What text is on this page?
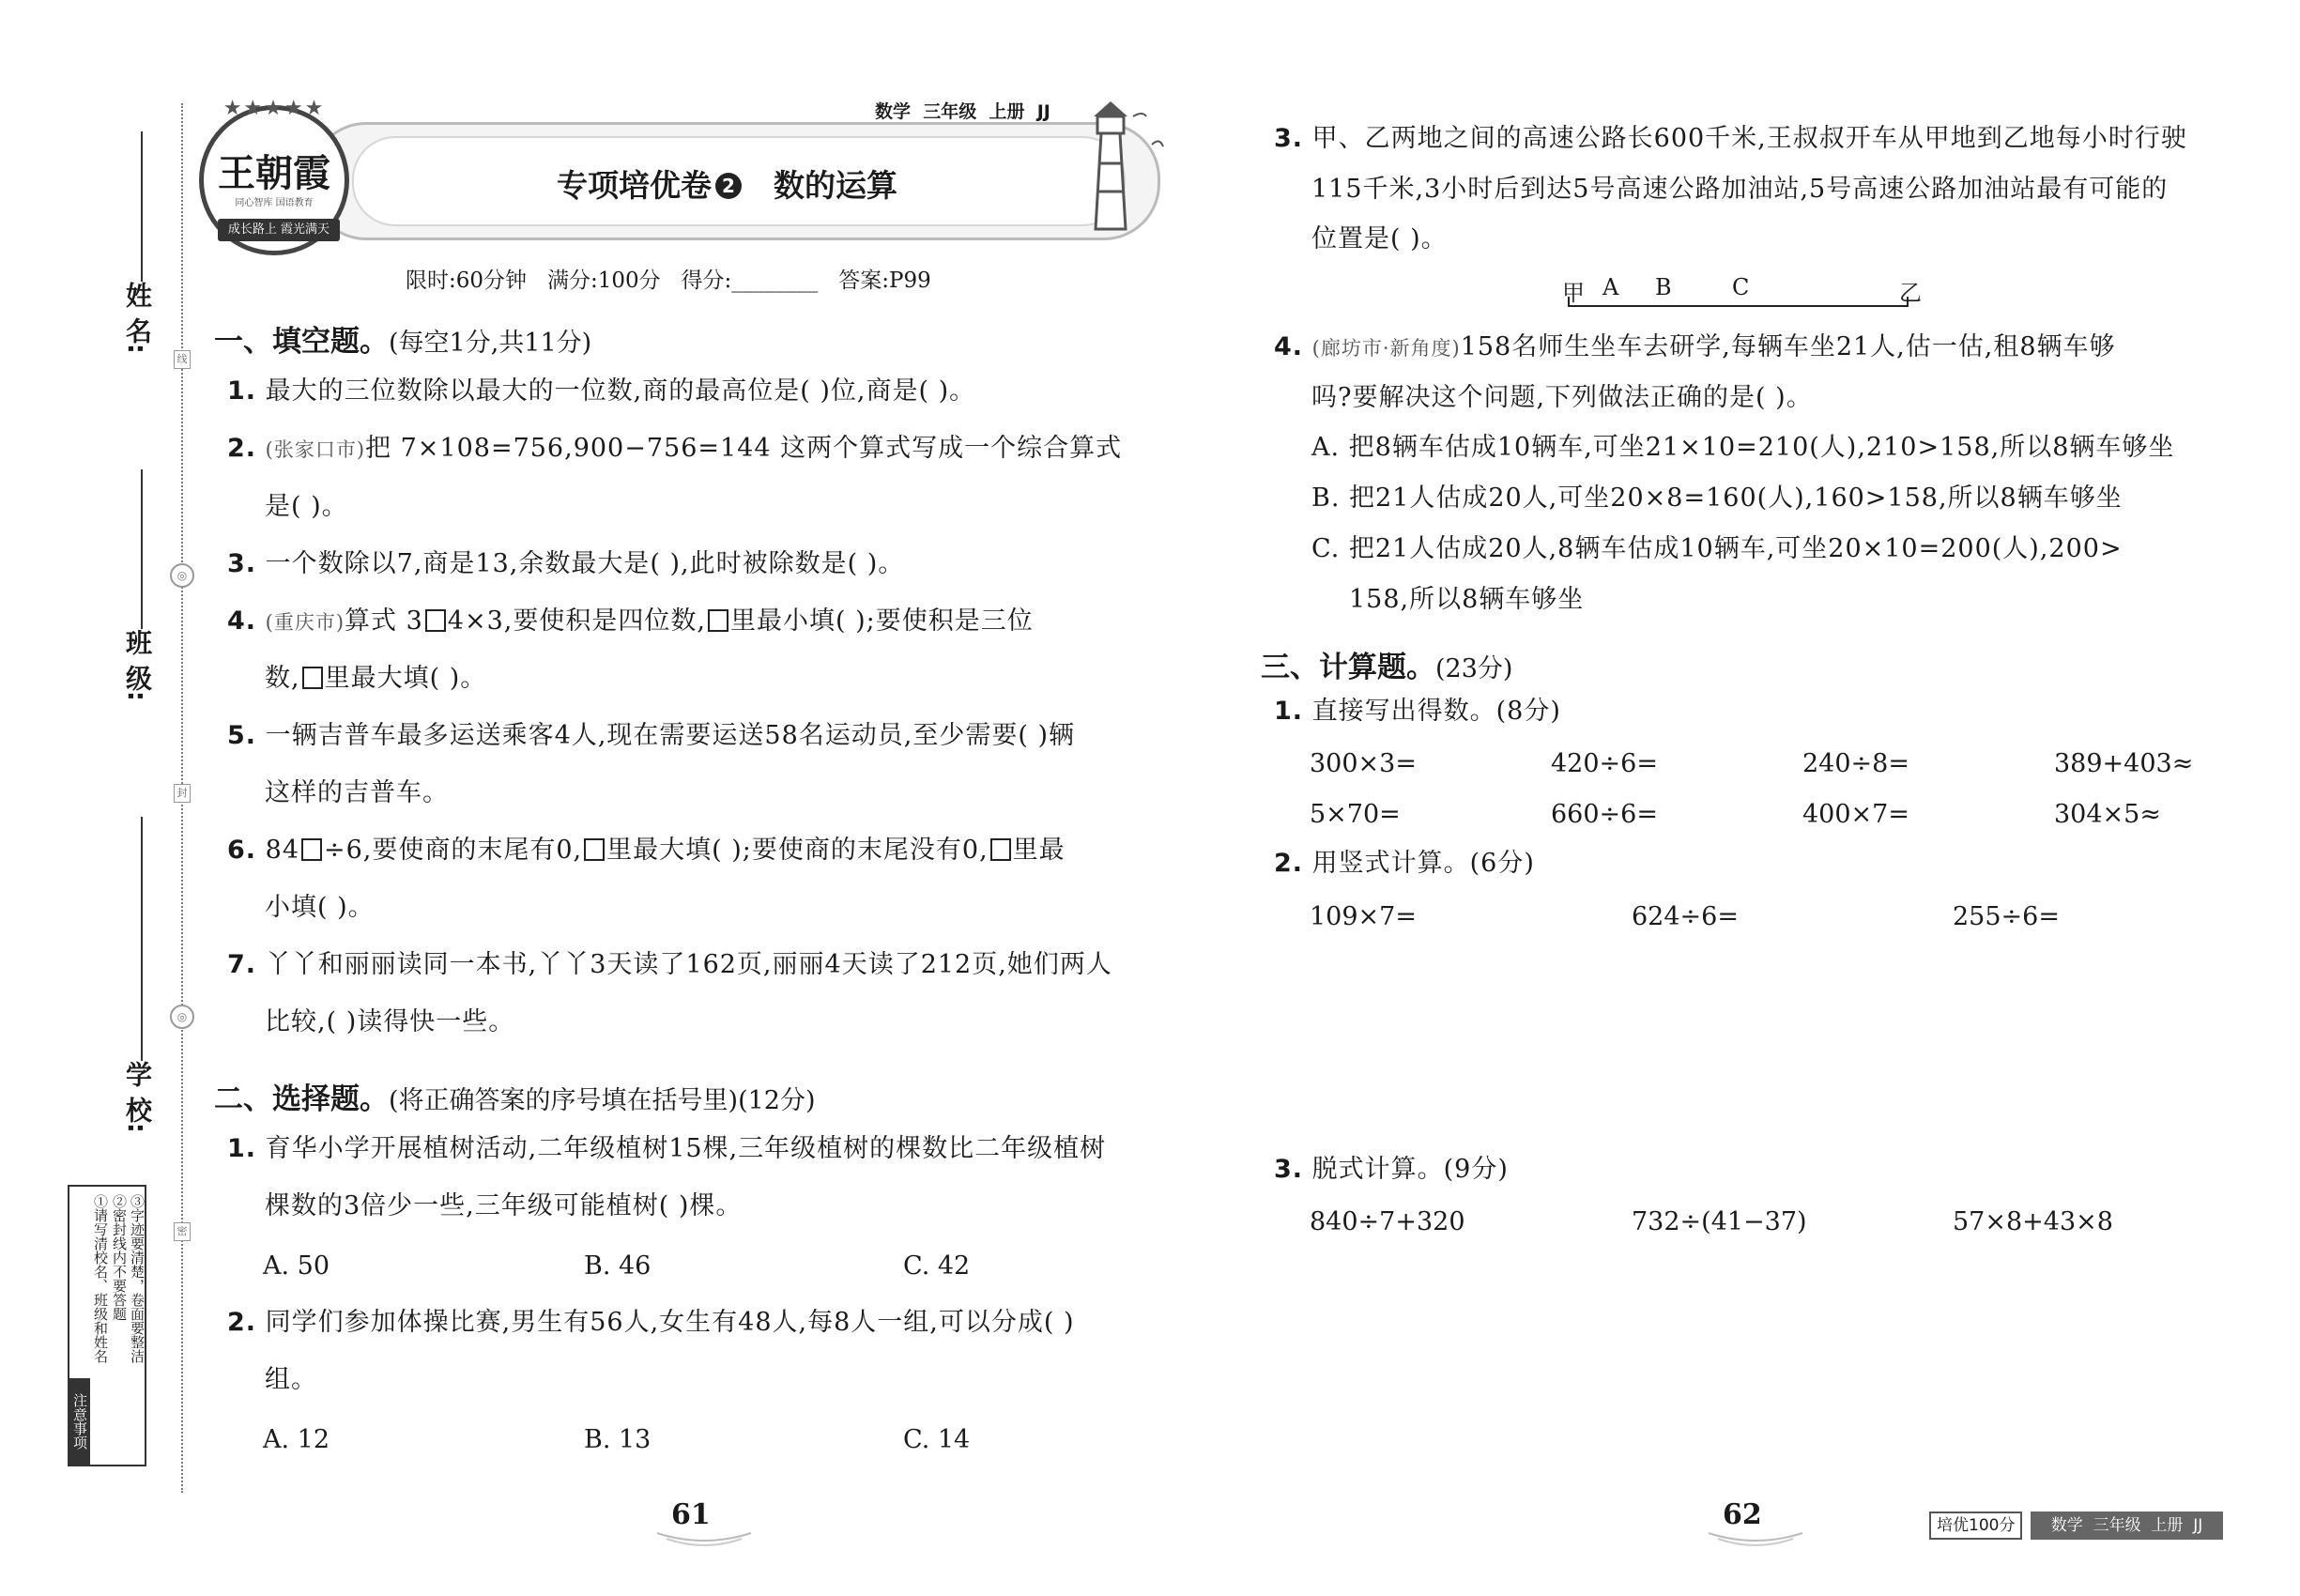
姓 名:
班 级:
学 校:
线
◎
封
◎
密
注意事项
①请写清校名、班级和姓名 ②密封线内不要答题 ③字迹要清楚，卷面要整洁
★★★★★
王朝霞
同心智库 国语教育
成长路上 霞光满天
数学  三年级  上册  JJ
专项培优卷 2 数的运算
限时:60分钟   满分:100分   得分:________   答案:P99
一、填空题。(每空1分,共11分)
1. 最大的三位数除以最大的一位数,商的最高位是( )位,商是( )。
2. (张家口市)把 7×108=756,900−756=144 这两个算式写成一个综合算式
是( )。
3. 一个数除以7,商是13,余数最大是( ),此时被除数是( )。
4. (重庆市)算式 3 4×3,要使积是四位数, 里最小填( );要使积是三位
数, 里最大填( )。
5. 一辆吉普车最多运送乘客4人,现在需要运送58名运动员,至少需要( )辆
这样的吉普车。
6. 84 ÷6,要使商的末尾有0, 里最大填( );要使商的末尾没有0, 里最
小填( )。
7. 丫丫和丽丽读同一本书,丫丫3天读了162页,丽丽4天读了212页,她们两人
比较,( )读得快一些。
二、选择题。(将正确答案的序号填在括号里)(12分)
1. 育华小学开展植树活动,二年级植树15棵,三年级植树的棵数比二年级植树
棵数的3倍少一些,三年级可能植树( )棵。
A. 50	B. 46	C. 42
2. 同学们参加体操比赛,男生有56人,女生有48人,每8人一组,可以分成( )
组。
A. 12	B. 13	C. 14
61
3. 甲、乙两地之间的高速公路长600千米,王叔叔开车从甲地到乙地每小时行驶
115千米,3小时后到达5号高速公路加油站,5号高速公路加油站最有可能的
位置是( )。
甲 A B	C	乙
4. (廊坊市·新角度)158名师生坐车去研学,每辆车坐21人,估一估,租8辆车够
吗?要解决这个问题,下列做法正确的是( )。
A. 把8辆车估成10辆车,可坐21×10=210(人),210>158,所以8辆车够坐
B. 把21人估成20人,可坐20×8=160(人),160>158,所以8辆车够坐
C. 把21人估成20人,8辆车估成10辆车,可坐20×10=200(人),200>
158,所以8辆车够坐
三、计算题。(23分)
1. 直接写出得数。(8分)
300×3=	420÷6=	240÷8=	389+403≈
5×70=	660÷6=	400×7=	304×5≈
2. 用竖式计算。(6分)
109×7=	624÷6=	255÷6=
3. 脱式计算。(9分)
840÷7+320	732÷(41−37)	57×8+43×8
62	培优100分	数学  三年级  上册  JJ
